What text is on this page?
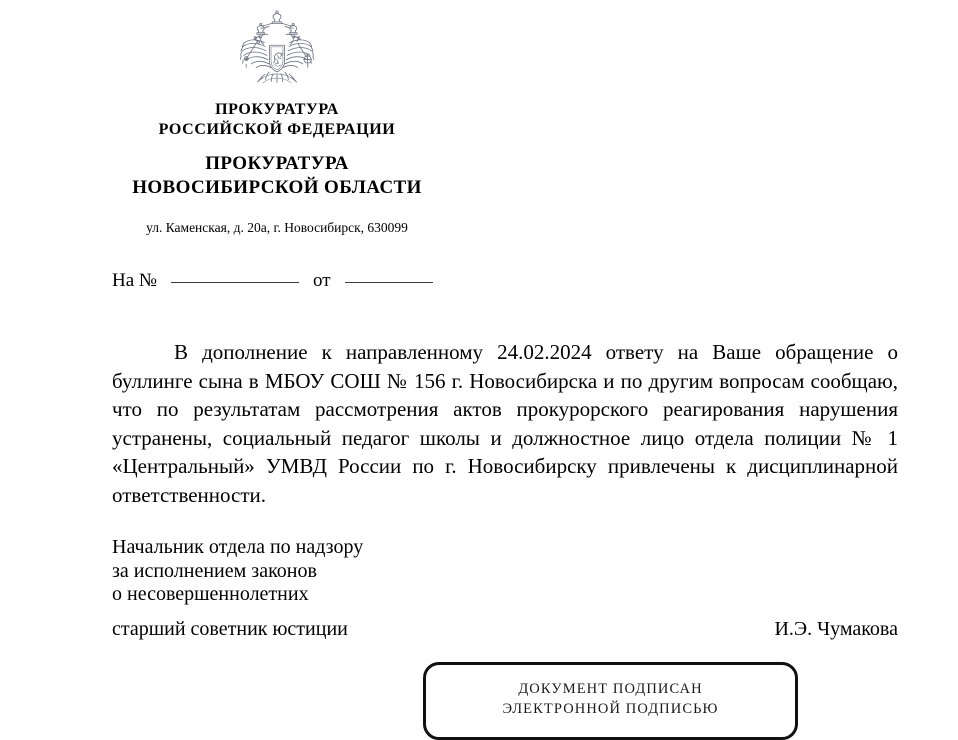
ПРОКУРАТУРА
РОССИЙСКОЙ ФЕДЕРАЦИИ
ПРОКУРАТУРА
НОВОСИБИРСКОЙ ОБЛАСТИ
ул. Каменская, д. 20а, г. Новосибирск, 630099
На №	от
В дополнение к направленному 24.02.2024 ответу на Ваше обращение о буллинге сына в МБОУ СОШ № 156 г. Новосибирска и по другим вопросам сообщаю, что по результатам рассмотрения актов прокурорского реагирования нарушения устранены, социальный педагог школы и должностное лицо отдела полиции № 1 «Центральный» УМВД России по г. Новосибирску привлечены к дисциплинарной ответственности.
Начальник отдела по надзору
за исполнением законов
о несовершеннолетних
старший советник юстиции	И.Э. Чумакова
ДОКУМЕНТ ПОДПИСАН
ЭЛЕКТРОННОЙ ПОДПИСЬЮ
